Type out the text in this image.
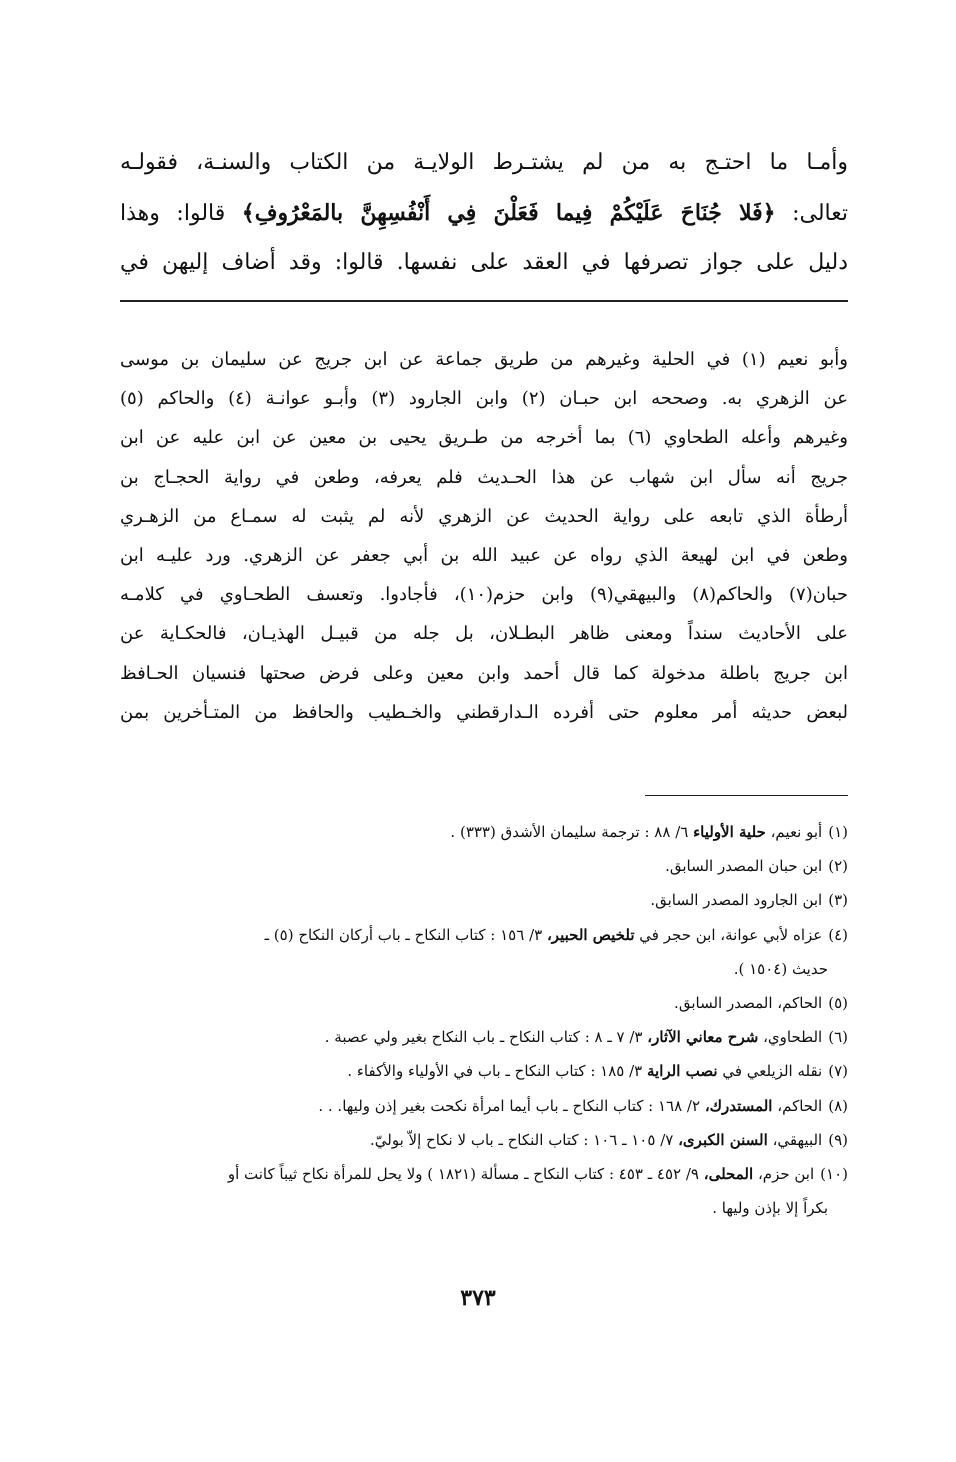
وأمـا ما احتـج به من لم يشتـرط الولايـة من الكتاب والسنـة، فقولـه
تعالى: ﴿فَلا جُنَاحَ عَلَيْكُمْ فِيما فَعَلْنَ فِي أَنْفُسِهِنَّ بالمَعْرُوفِ﴾ قالوا: وهذا
دليل على جواز تصرفها في العقد على نفسها. قالوا: وقد أضاف إليهن في
وأبو نعيم (١) في الحلية وغيرهم من طريق جماعة عن ابن جريج عن سليمان بن موسى
عن الزهري به. وصححه ابن حبـان (٢) وابن الجارود (٣) وأبـو عوانـة (٤) والحاكم (٥)
وغيرهم وأعله الطحاوي (٦) بما أخرجه من طـريق يحيى بن معين عن ابن عليه عن ابن
جريج أنه سأل ابن شهاب عن هذا الحـديث فلم يعرفه، وطعن في رواية الحجـاج بن
أرطأة الذي تابعه على رواية الحديث عن الزهري لأنه لم يثبت له سمـاع من الزهـري
وطعن في ابن لهيعة الذي رواه عن عبيد الله بن أبي جعفر عن الزهري. ورد عليـه ابن
حبان(٧) والحاكم(٨) والبيهقي(٩) وابن حزم(١٠)، فأجادوا. وتعسف الطحـاوي في كلامـه
على الأحاديث سنداً ومعنى ظاهر البطـلان، بل جله من قبيـل الهذيـان، فالحكـاية عن
ابن جريج باطلة مدخولة كما قال أحمد وابن معين وعلى فرض صحتها فنسيان الحـافظ
لبعض حديثه أمر معلوم حتى أفرده الـدارقطني والخـطيب والحافظ من المتـأخرين بمن
(١)أبو نعيم، حلية الأولياء ٦/ ٨٨ : ترجمة سليمان الأشدق (٣٣٣) .
(٢)ابن حبان المصدر السابق.
(٣)ابن الجارود المصدر السابق.
(٤)عزاه لأبي عوانة، ابن حجر في تلخيص الحبير، ٣/ ١٥٦ : كتاب النكاح ـ باب أركان النكاح (٥) ـ
حديث (١٥٠٤ ).
(٥)الحاكم، المصدر السابق.
(٦)الطحاوي، شرح معاني الآثار، ٣/ ٧ ـ ٨ : كتاب النكاح ـ باب النكاح بغير ولي عصبة .
(٧)نقله الزيلعي في نصب الراية ٣/ ١٨٥ : كتاب النكاح ـ باب في الأولياء والأكفاء .
(٨)الحاكم، المستدرك، ٢/ ١٦٨ : كتاب النكاح ـ باب أيما امرأة نكحت بغير إذن وليها. . .
(٩)البيهقي، السنن الكبرى، ٧/ ١٠٥ ـ ١٠٦ : كتاب النكاح ـ باب لا نكاح إلاّ بوليّ.
(١٠)ابن حزم، المحلى، ٩/ ٤٥٢ ـ ٤٥٣ : كتاب النكاح ـ مسألة (١٨٢١ ) ولا يحل للمرأة نكاح ثيباً كانت أو
بكراً إلا بإذن وليها .
٣٧٣
